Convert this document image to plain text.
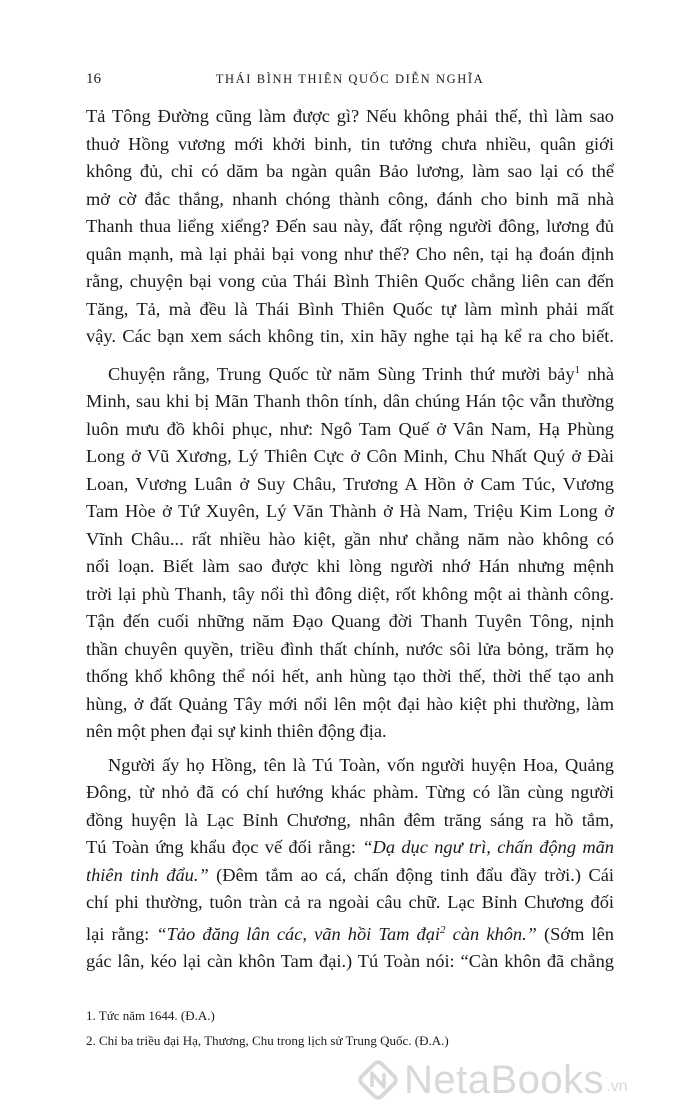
16	THÁI BÌNH THIÊN QUỐC DIỄN NGHĨA

Tả Tông Đường cũng làm được gì? Nếu không phải thế, thì làm sao
thuở Hồng vương mới khởi binh, tin tưởng chưa nhiều, quân giới
không đủ, chỉ có dăm ba ngàn quân Bảo lương, làm sao lại có thể
mở cờ đắc thắng, nhanh chóng thành công, đánh cho binh mã nhà
Thanh thua liểng xiểng? Đến sau này, đất rộng người đông, lương đủ
quân mạnh, mà lại phải bại vong như thế? Cho nên, tại hạ đoán định
rằng, chuyện bại vong của Thái Bình Thiên Quốc chẳng liên can đến
Tăng, Tả, mà đều là Thái Bình Thiên Quốc tự làm mình phải mất
vậy. Các bạn xem sách không tin, xin hãy nghe tại hạ kể ra cho biết.

Chuyện rằng, Trung Quốc từ năm Sùng Trinh thứ mười bảy$^1$ nhà
Minh, sau khi bị Mãn Thanh thôn tính, dân chúng Hán tộc vẫn thường
luôn mưu đồ khôi phục, như: Ngô Tam Quế ở Vân Nam, Hạ Phùng
Long ở Vũ Xương, Lý Thiên Cực ở Côn Minh, Chu Nhất Quý ở Đài
Loan, Vương Luân ở Suy Châu, Trương A Hồn ở Cam Túc, Vương
Tam Hòe ở Tứ Xuyên, Lý Văn Thành ở Hà Nam, Triệu Kim Long ở
Vĩnh Châu... rất nhiều hào kiệt, gần như chẳng năm nào không có
nổi loạn. Biết làm sao được khi lòng người nhớ Hán nhưng mệnh
trời lại phù Thanh, tây nổi thì đông diệt, rốt không một ai thành công.
Tận đến cuối những năm Đạo Quang đời Thanh Tuyên Tông, nịnh
thần chuyên quyền, triều đình thất chính, nước sôi lửa bỏng, trăm họ
thống khổ không thể nói hết, anh hùng tạo thời thế, thời thế tạo anh
hùng, ở đất Quảng Tây mới nổi lên một đại hào kiệt phi thường, làm
nên một phen đại sự kinh thiên động địa.

Người ấy họ Hồng, tên là Tú Toàn, vốn người huyện Hoa, Quảng
Đông, từ nhỏ đã có chí hướng khác phàm. Từng có lần cùng người
đồng huyện là Lạc Bỉnh Chương, nhân đêm trăng sáng ra hồ tắm,
Tú Toàn ứng khẩu đọc vế đối rằng: “Dạ dục ngư trì, chấn động mãn
thiên tinh đẩu.” (Đêm tắm ao cá, chấn động tinh đẩu đầy trời.) Cái
chí phi thường, tuôn tràn cả ra ngoài câu chữ. Lạc Bỉnh Chương đối
lại rằng: “Tảo đăng lân các, vãn hồi Tam đại$^2$ càn khôn.” (Sớm lên
gác lân, kéo lại càn khôn Tam đại.) Tú Toàn nói: “Càn khôn đã chẳng

1. Tức năm 1644. (Đ.A.)
2. Chỉ ba triều đại Hạ, Thương, Chu trong lịch sử Trung Quốc. (Đ.A.)
NetaBooks .vn
